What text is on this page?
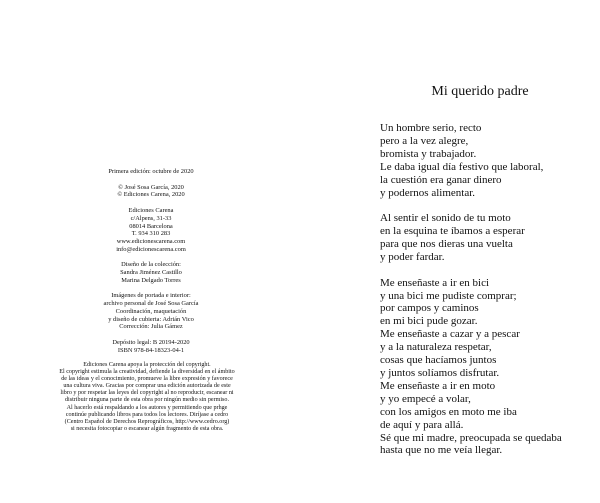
Primera edición: octubre de 2020
© José Sosa García, 2020
© Ediciones Carena, 2020
Ediciones Carena
c/Alpens, 31-33
08014 Barcelona
T. 934 310 283
www.edicionescarena.com
info@edicionescarena.com
Diseño de la colección:
Sandra Jiménez Castillo
Marina Delgado Torres
Imágenes de portada e interior:
archivo personal de José Sosa García
Coordinación, maquetación
y diseño de cubierta: Adrián Vico
Corrección: Julia Gámez
Depósito legal: B 20194-2020
ISBN 978-84-18323-04-1
Ediciones Carena apoya la protección del copyright.
El copyright estimula la creatividad, defiende la diversidad en el ámbito
de las ideas y el conocimiento, promueve la libre expresión y favorece
una cultura viva. Gracias por comprar una edición autorizada de este
libro y por respetar las leyes del copyright al no reproducir, escanear ni
distribuir ninguna parte de esta obra por ningún medio sin permiso.
Al hacerlo está respaldando a los autores y permitiendo que prhge
continúe publicando libros para todos los lectores. Diríjase a cedro
(Centro Español de Derechos Reprográficos, http://www.cedro.org)
si necesita fotocopiar o escanear algún fragmento de esta obra.
Mi querido padre
Un hombre serio, recto
pero a la vez alegre,
bromista y trabajador.
Le daba igual día festivo que laboral,
la cuestión era ganar dinero
y podernos alimentar.
Al sentir el sonido de tu moto
en la esquina te íbamos a esperar
para que nos dieras una vuelta
y poder fardar.
Me enseñaste a ir en bici
y una bici me pudiste comprar;
por campos y caminos
en mi bici pude gozar.
Me enseñaste a cazar y a pescar
y a la naturaleza respetar,
cosas que hacíamos juntos
y juntos solíamos disfrutar.
Me enseñaste a ir en moto
y yo empecé a volar,
con los amigos en moto me iba
de aquí y para allá.
Sé que mi madre, preocupada se quedaba
hasta que no me veía llegar.
